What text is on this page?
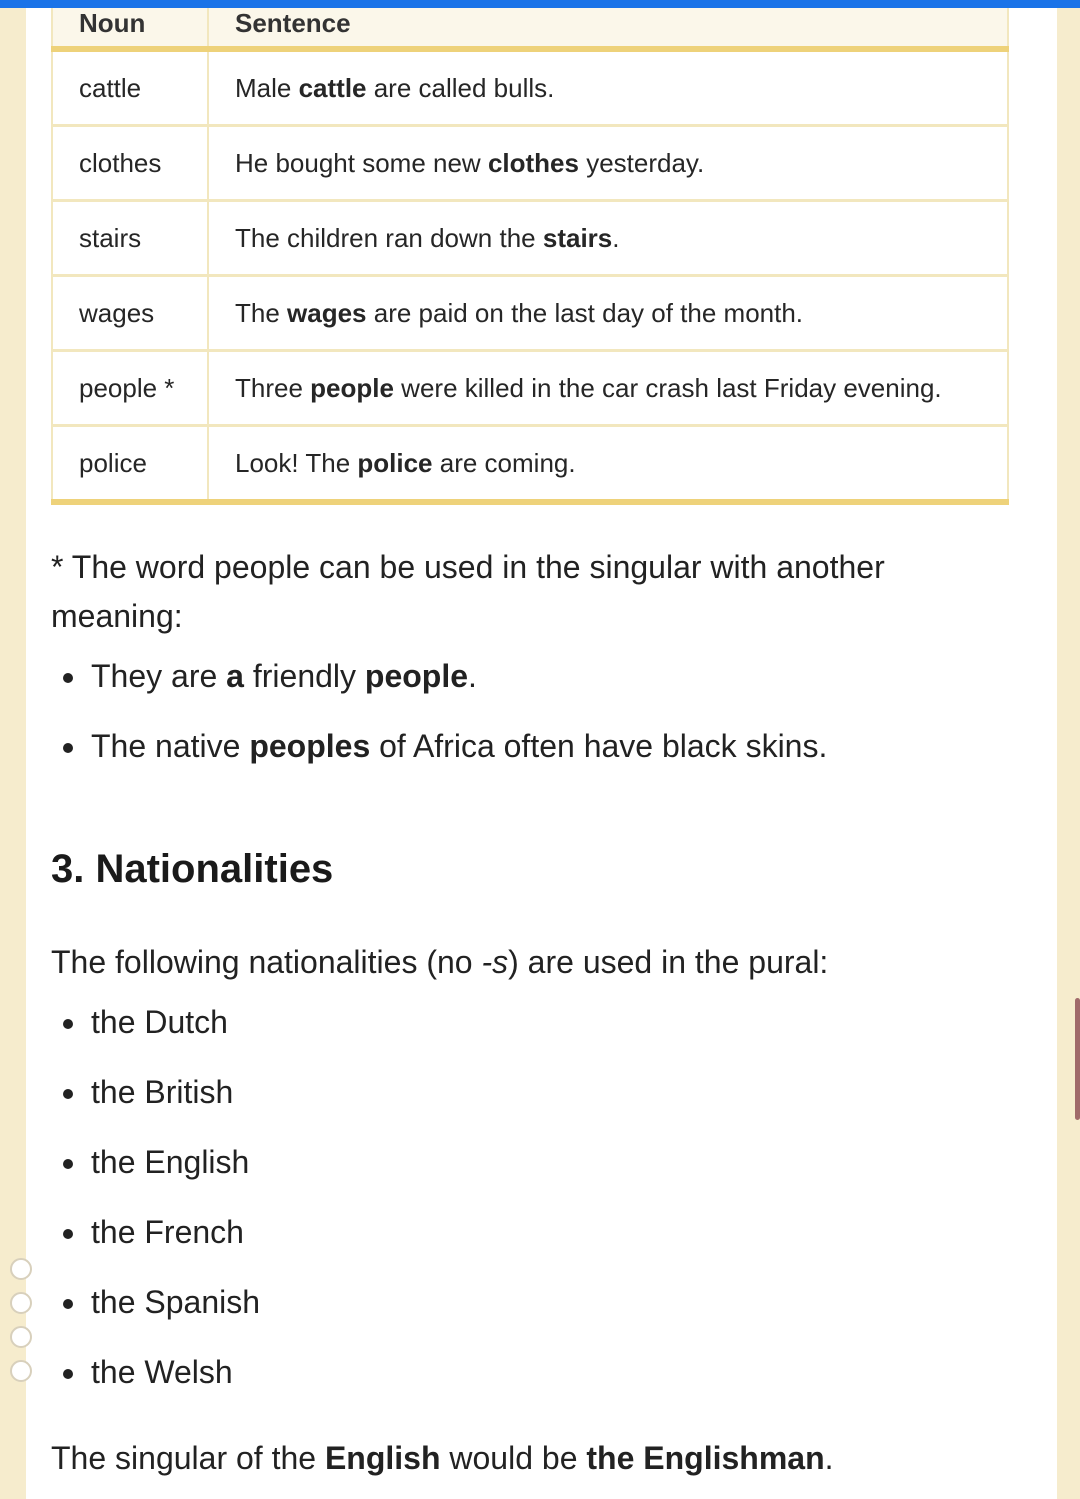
Noun	Sentence
cattle	Male cattle are called bulls.
clothes	He bought some new clothes yesterday.
stairs	The children ran down the stairs.
wages	The wages are paid on the last day of the month.
people *	Three people were killed in the car crash last Friday evening.
police	Look! The police are coming.

* The word people can be used in the singular with another meaning:

They are a friendly people.
The native peoples of Africa often have black skins.
3. Nationalities

The following nationalities (no -s) are used in the pural:

the Dutch
the British
the English
the French
the Spanish
the Welsh

The singular of the English would be the Englishman.
